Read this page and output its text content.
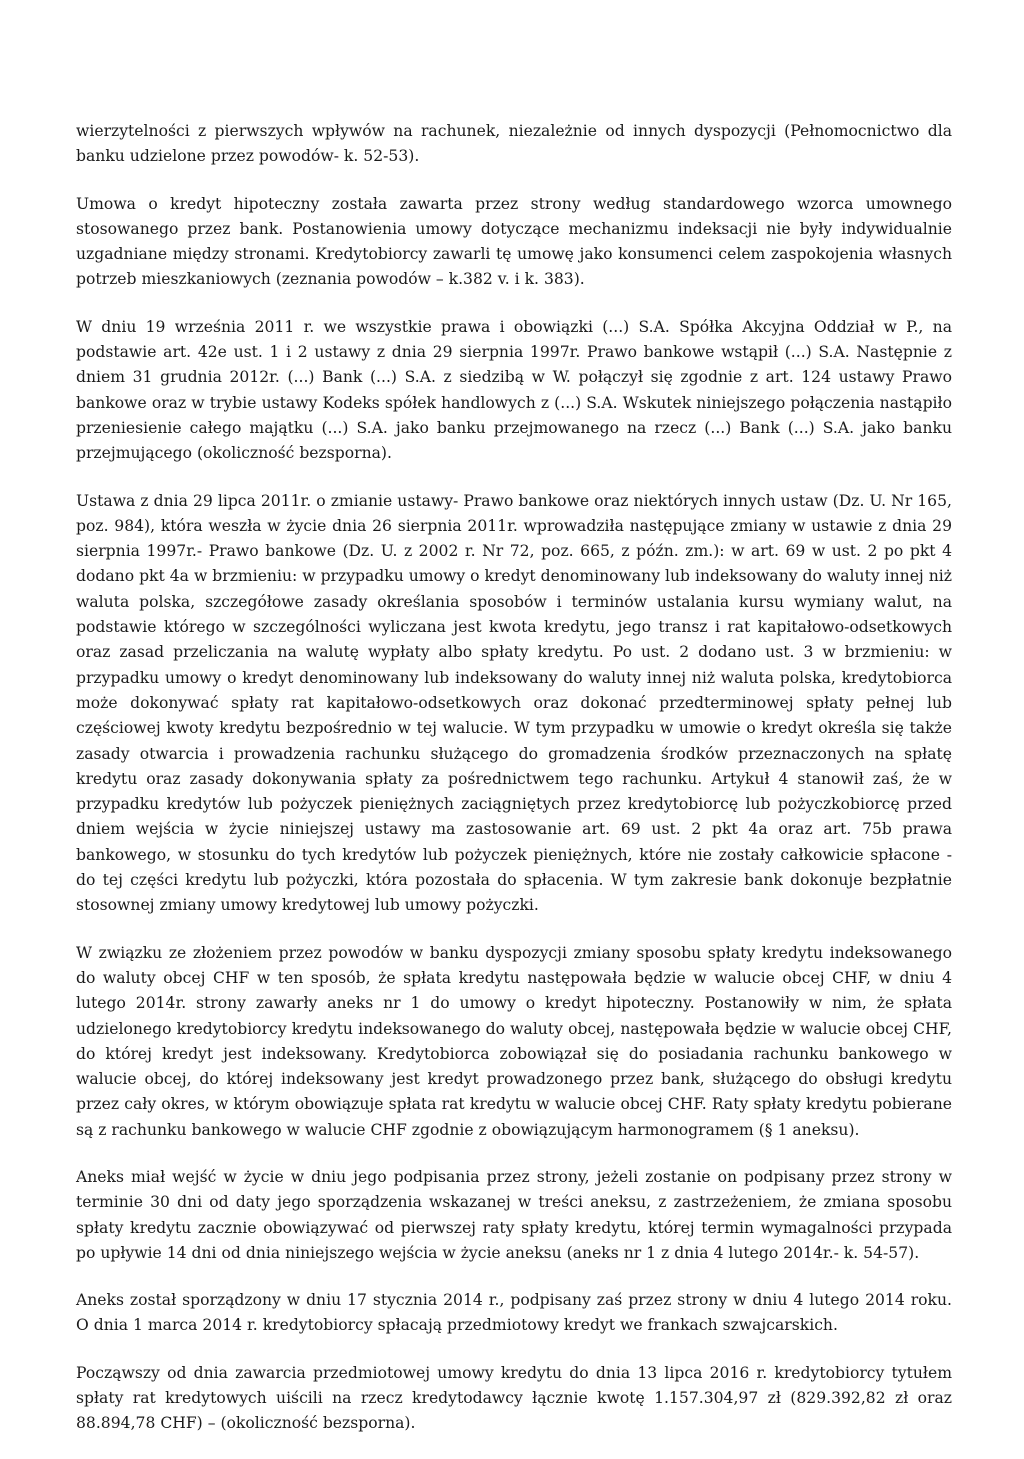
wierzytelności z pierwszych wpływów na rachunek, niezależnie od innych dyspozycji (Pełnomocnictwo dla banku udzielone przez powodów- k. 52-53).

Umowa o kredyt hipoteczny została zawarta przez strony według standardowego wzorca umownego stosowanego przez bank. Postanowienia umowy dotyczące mechanizmu indeksacji nie były indywidualnie uzgadniane między stronami. Kredytobiorcy zawarli tę umowę jako konsumenci celem zaspokojenia własnych potrzeb mieszkaniowych (zeznania powodów – k.382 v. i k. 383).

W dniu 19 września 2011 r. we wszystkie prawa i obowiązki (...) S.A. Spółka Akcyjna Oddział w P., na podstawie art. 42e ust. 1 i 2 ustawy z dnia 29 sierpnia 1997r. Prawo bankowe wstąpił (...) S.A. Następnie z dniem 31 grudnia 2012r. (...) Bank (...) S.A. z siedzibą w W. połączył się zgodnie z art. 124 ustawy Prawo bankowe oraz w trybie ustawy Kodeks spółek handlowych z (...) S.A. Wskutek niniejszego połączenia nastąpiło przeniesienie całego majątku (...) S.A. jako banku przejmowanego na rzecz (...) Bank (...) S.A. jako banku przejmującego (okoliczność bezsporna).

Ustawa z dnia 29 lipca 2011r. o zmianie ustawy- Prawo bankowe oraz niektórych innych ustaw (Dz. U. Nr 165, poz. 984), która weszła w życie dnia 26 sierpnia 2011r. wprowadziła następujące zmiany w ustawie z dnia 29 sierpnia 1997r.- Prawo bankowe (Dz. U. z 2002 r. Nr 72, poz. 665, z późn. zm.): w art. 69 w ust. 2 po pkt 4 dodano pkt 4a w brzmieniu: w przypadku umowy o kredyt denominowany lub indeksowany do waluty innej niż waluta polska, szczegółowe zasady określania sposobów i terminów ustalania kursu wymiany walut, na podstawie którego w szczególności wyliczana jest kwota kredytu, jego transz i rat kapitałowo-odsetkowych oraz zasad przeliczania na walutę wypłaty albo spłaty kredytu. Po ust. 2 dodano ust. 3 w brzmieniu: w przypadku umowy o kredyt denominowany lub indeksowany do waluty innej niż waluta polska, kredytobiorca może dokonywać spłaty rat kapitałowo-odsetkowych oraz dokonać przedterminowej spłaty pełnej lub częściowej kwoty kredytu bezpośrednio w tej walucie. W tym przypadku w umowie o kredyt określa się także zasady otwarcia i prowadzenia rachunku służącego do gromadzenia środków przeznaczonych na spłatę kredytu oraz zasady dokonywania spłaty za pośrednictwem tego rachunku. Artykuł 4 stanowił zaś, że w przypadku kredytów lub pożyczek pieniężnych zaciągniętych przez kredytobiorcę lub pożyczkobiorcę przed dniem wejścia w życie niniejszej ustawy ma zastosowanie art. 69 ust. 2 pkt 4a oraz art. 75b prawa bankowego, w stosunku do tych kredytów lub pożyczek pieniężnych, które nie zostały całkowicie spłacone - do tej części kredytu lub pożyczki, która pozostała do spłacenia. W tym zakresie bank dokonuje bezpłatnie stosownej zmiany umowy kredytowej lub umowy pożyczki.

W związku ze złożeniem przez powodów w banku dyspozycji zmiany sposobu spłaty kredytu indeksowanego do waluty obcej CHF w ten sposób, że spłata kredytu następowała będzie w walucie obcej CHF, w dniu 4 lutego 2014r. strony zawarły aneks nr 1 do umowy o kredyt hipoteczny. Postanowiły w nim, że spłata udzielonego kredytobiorcy kredytu indeksowanego do waluty obcej, następowała będzie w walucie obcej CHF, do której kredyt jest indeksowany. Kredytobiorca zobowiązał się do posiadania rachunku bankowego w walucie obcej, do której indeksowany jest kredyt prowadzonego przez bank, służącego do obsługi kredytu przez cały okres, w którym obowiązuje spłata rat kredytu w walucie obcej CHF. Raty spłaty kredytu pobierane są z rachunku bankowego w walucie CHF zgodnie z obowiązującym harmonogramem (§ 1 aneksu).

Aneks miał wejść w życie w dniu jego podpisania przez strony, jeżeli zostanie on podpisany przez strony w terminie 30 dni od daty jego sporządzenia wskazanej w treści aneksu, z zastrzeżeniem, że zmiana sposobu spłaty kredytu zacznie obowiązywać od pierwszej raty spłaty kredytu, której termin wymagalności przypada po upływie 14 dni od dnia niniejszego wejścia w życie aneksu (aneks nr 1 z dnia 4 lutego 2014r.- k. 54-57).

Aneks został sporządzony w dniu 17 stycznia 2014 r., podpisany zaś przez strony w dniu 4 lutego 2014 roku. O dnia 1 marca 2014 r. kredytobiorcy spłacają przedmiotowy kredyt we frankach szwajcarskich.

Począwszy od dnia zawarcia przedmiotowej umowy kredytu do dnia 13 lipca 2016 r. kredytobiorcy tytułem spłaty rat kredytowych uiścili na rzecz kredytodawcy łącznie kwotę 1.157.304,97 zł (829.392,82 zł oraz 88.894,78 CHF) – (okoliczność bezsporna).
